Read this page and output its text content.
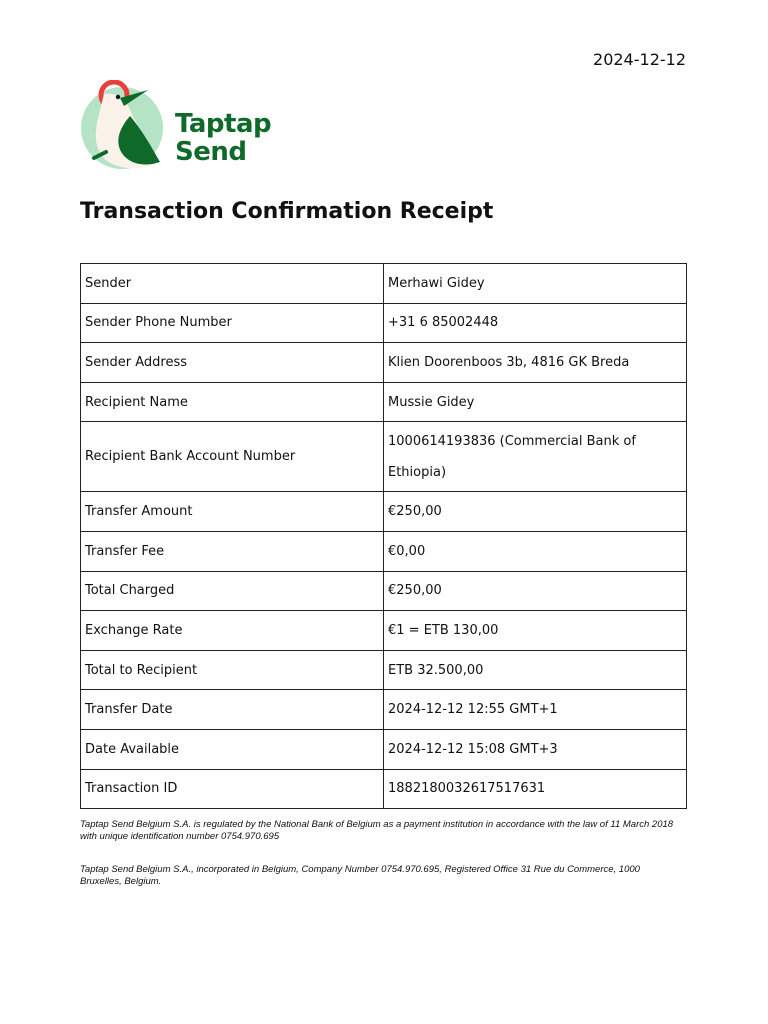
2024-12-12
Taptap
Send
Transaction Confirmation Receipt
Sender	Merhawi Gidey
Sender Phone Number	+31 6 85002448
Sender Address	Klien Doorenboos 3b, 4816 GK Breda
Recipient Name	Mussie Gidey
Recipient Bank Account Number	1000614193836 (Commercial Bank of Ethiopia)
Transfer Amount	€250,00
Transfer Fee	€0,00
Total Charged	€250,00
Exchange Rate	€1 = ETB 130,00
Total to Recipient	ETB 32.500,00
Transfer Date	2024-12-12 12:55 GMT+1
Date Available	2024-12-12 15:08 GMT+3
Transaction ID	1882180032617517631

Taptap Send Belgium S.A. is regulated by the National Bank of Belgium as a payment institution in accordance with the law of 11 March 2018 with unique identification number 0754.970.695

Taptap Send Belgium S.A., incorporated in Belgium, Company Number 0754.970.695, Registered Office 31 Rue du Commerce, 1000 Bruxelles, Belgium.
